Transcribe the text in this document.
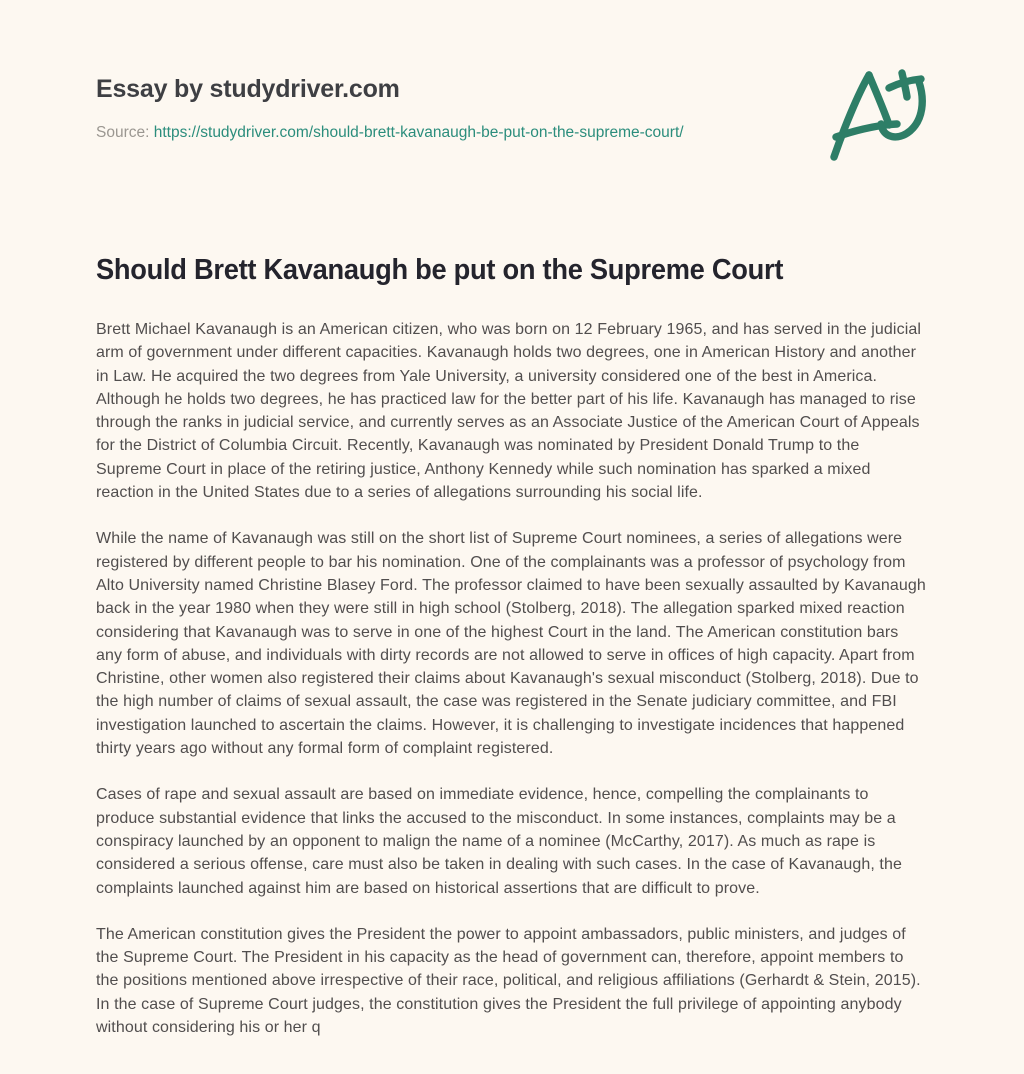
Essay by studydriver.com
Source: https://studydriver.com/should-brett-kavanaugh-be-put-on-the-supreme-court/
Should Brett Kavanaugh be put on the Supreme Court

Brett Michael Kavanaugh is an American citizen, who was born on 12 February 1965, and has served in the judicial arm of government under different capacities. Kavanaugh holds two degrees, one in American History and another in Law. He acquired the two degrees from Yale University, a university considered one of the best in America. Although he holds two degrees, he has practiced law for the better part of his life. Kavanaugh has managed to rise through the ranks in judicial service, and currently serves as an Associate Justice of the American Court of Appeals for the District of Columbia Circuit. Recently, Kavanaugh was nominated by President Donald Trump to the Supreme Court in place of the retiring justice, Anthony Kennedy while such nomination has sparked a mixed reaction in the United States due to a series of allegations surrounding his social life.

While the name of Kavanaugh was still on the short list of Supreme Court nominees, a series of allegations were registered by different people to bar his nomination. One of the complainants was a professor of psychology from Alto University named Christine Blasey Ford. The professor claimed to have been sexually assaulted by Kavanaugh back in the year 1980 when they were still in high school (Stolberg, 2018). The allegation sparked mixed reaction considering that Kavanaugh was to serve in one of the highest Court in the land. The American constitution bars any form of abuse, and individuals with dirty records are not allowed to serve in offices of high capacity. Apart from Christine, other women also registered their claims about Kavanaugh's sexual misconduct (Stolberg, 2018). Due to the high number of claims of sexual assault, the case was registered in the Senate judiciary committee, and FBI investigation launched to ascertain the claims. However, it is challenging to investigate incidences that happened thirty years ago without any formal form of complaint registered.

Cases of rape and sexual assault are based on immediate evidence, hence, compelling the complainants to produce substantial evidence that links the accused to the misconduct. In some instances, complaints may be a conspiracy launched by an opponent to malign the name of a nominee (McCarthy, 2017). As much as rape is considered a serious offense, care must also be taken in dealing with such cases. In the case of Kavanaugh, the complaints launched against him are based on historical assertions that are difficult to prove.

The American constitution gives the President the power to appoint ambassadors, public ministers, and judges of the Supreme Court. The President in his capacity as the head of government can, therefore, appoint members to the positions mentioned above irrespective of their race, political, and religious affiliations (Gerhardt & Stein, 2015). In the case of Supreme Court judges, the constitution gives the President the full privilege of appointing anybody without considering his or her q
